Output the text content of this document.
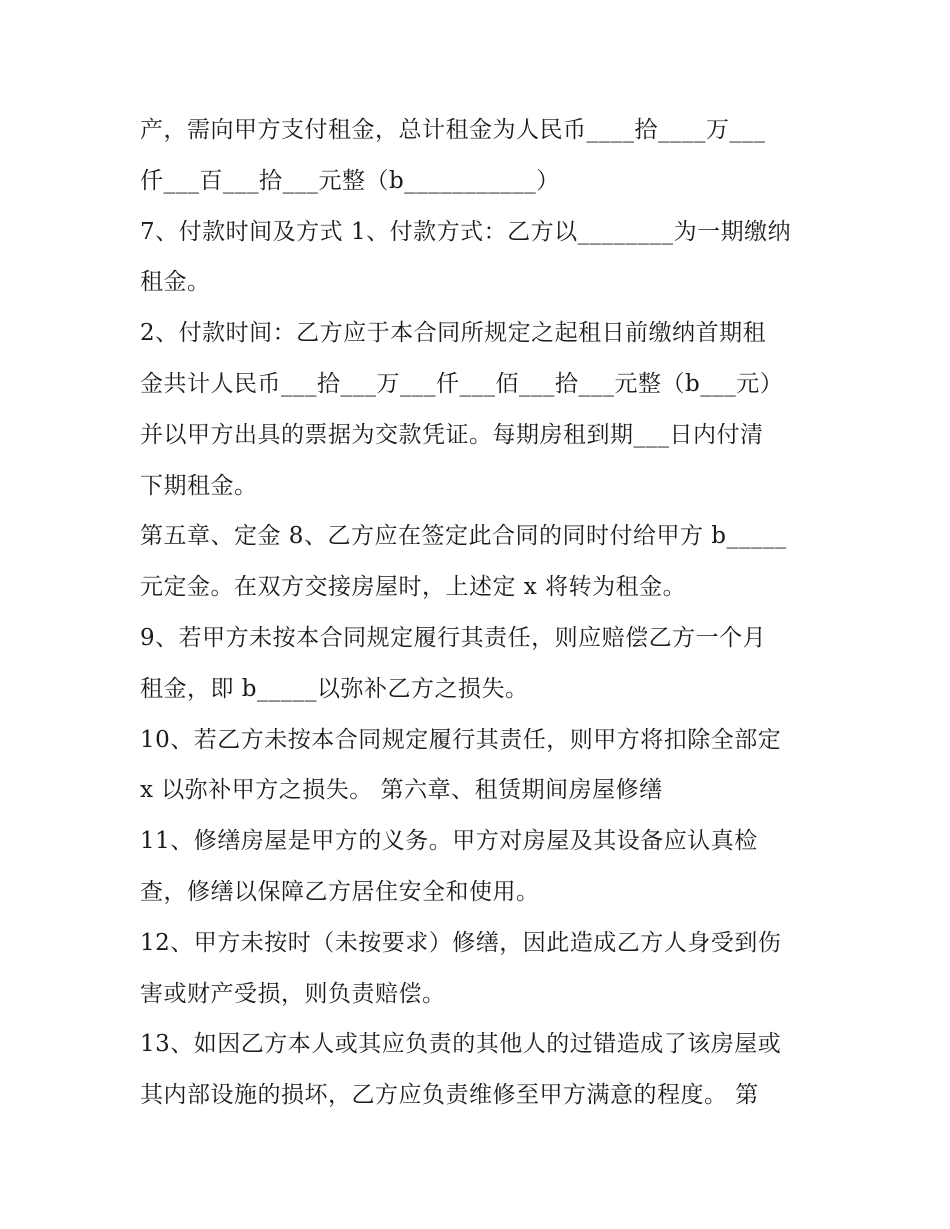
产，需向甲方支付租金，总计租金为人民币____拾____万___
仟___百___拾___元整（b___________）
7、付款时间及方式 1、付款方式：乙方以________为一期缴纳
租金。
2、付款时间：乙方应于本合同所规定之起租日前缴纳首期租
金共计人民币___拾___万___仟___佰___拾___元整（b___元）
并以甲方出具的票据为交款凭证。每期房租到期___日内付清
下期租金。
第五章、定金 8、乙方应在签定此合同的同时付给甲方 b_____
元定金。在双方交接房屋时，上述定 x 将转为租金。
9、若甲方未按本合同规定履行其责任，则应赔偿乙方一个月
租金，即 b_____以弥补乙方之损失。
10、若乙方未按本合同规定履行其责任，则甲方将扣除全部定
x 以弥补甲方之损失。 第六章、租赁期间房屋修缮
11、修缮房屋是甲方的义务。甲方对房屋及其设备应认真检
查，修缮以保障乙方居住安全和使用。
12、甲方未按时（未按要求）修缮，因此造成乙方人身受到伤
害或财产受损，则负责赔偿。
13、如因乙方本人或其应负责的其他人的过错造成了该房屋或
其内部设施的损坏，乙方应负责维修至甲方满意的程度。 第
